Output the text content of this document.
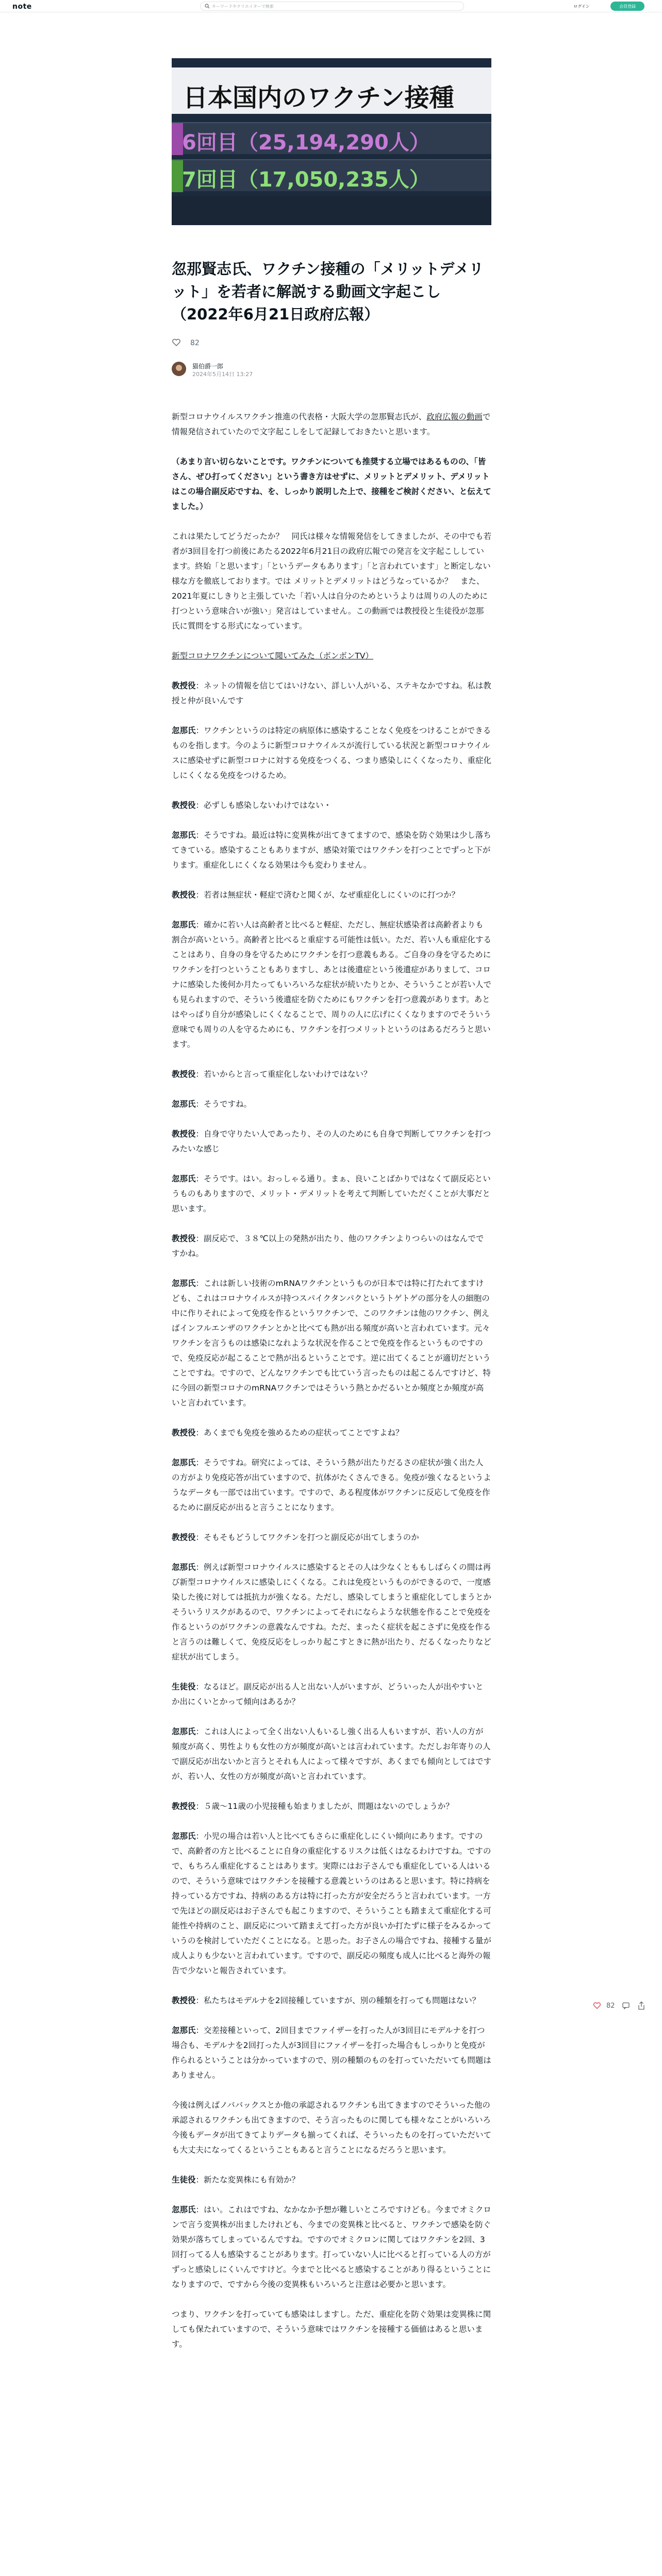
note
キーワードやクリエイターで検索	ログイン	会員登録
日本国内のワクチン接種
6回目（25,194,290人）
7回目（17,050,235人）
忽那賢志氏、ワクチン接種の「メリットデメリット」を若者に解説する動画文字起こし（2022年6月21日政府広報）
82
猫伯爵一郎
2024年5月14日 13:27

新型コロナウイルスワクチン推進の代表格・大阪大学の忽那賢志氏が、政府広報の動画で情報発信されていたので文字起こしをして記録しておきたいと思います。

（あまり言い切らないことです。ワクチンについても推奨する立場ではあるものの、「皆さん、ぜひ打ってください」という書き方はせずに、メリットとデメリット、デメリットはこの場合副反応ですね、を、しっかり説明した上で、接種をご検討ください、と伝えてました。）

これは果たしてどうだったか？　同氏は様々な情報発信をしてきましたが、その中でも若者が3回目を打つ前後にあたる2022年6月21日の政府広報での発言を文字起こししています。終始「と思います」「というデータもあります」「と言われています」と断定しない様な方を徹底しております。では メリットとデメリットはどうなっているか？　また、2021年夏にしきりと主張していた「若い人は自分のためというよりは周りの人のために打つという意味合いが強い」発言はしていません。この動画では教授役と生徒役が忽那氏に質問をする形式になっています。

新型コロナワクチンについて聞いてみた（ボンボンTV）

教授役：ネットの情報を信じてはいけない、詳しい人がいる、ステキなかですね。私は教授と仲が良いんです

忽那氏：ワクチンというのは特定の病原体に感染することなく免疫をつけることができるものを指します。今のように新型コロナウイルスが流行している状況と新型コロナウイルスに感染せずに新型コロナに対する免疫をつくる、つまり感染しにくくなったり、重症化しにくくなる免疫をつけるため。

教授役：必ずしも感染しないわけではない・

忽那氏：そうですね。最近は特に変異株が出てきてますので、感染を防ぐ効果は少し落ちてきている。感染することもありますが、感染対策ではワクチンを打つことでずっと下がります。重症化しにくくなる効果は今も変わりません。

教授役：若者は無症状・軽症で済むと聞くが、なぜ重症化しにくいのに打つか？

忽那氏：確かに若い人は高齢者と比べると軽症、ただし、無症状感染者は高齢者よりも割合が高いという。高齢者と比べると重症する可能性は低い。ただ、若い人も重症化することはあり、自身の身を守るためにワクチンを打つ意義もある。ご自身の身を守るためにワクチンを打つということもありますし、あとは後遺症という後遺症がありまして、コロナに感染した後何か月たってもいろいろな症状が続いたりとか、そういうことが若い人でも見られますので、そういう後遺症を防ぐためにもワクチンを打つ意義があります。あとはやっぱり自分が感染しにくくなることで、周りの人に広げにくくなりますのでそういう意味でも周りの人を守るためにも、ワクチンを打つメリットというのはあるだろうと思います。

教授役：若いからと言って重症化しないわけではない？

忽那氏：そうですね。

教授役：自身で守りたい人であったり、その人のためにも自身で判断してワクチンを打つみたいな感じ

忽那氏：そうです。はい。おっしゃる通り。まぁ、良いことばかりではなくて副反応というものもありますので、メリット・デメリットを考えて判断していただくことが大事だと思います。

教授役：副反応で、３８℃以上の発熱が出たり、他のワクチンよりつらいのはなんでですかね。

忽那氏：これは新しい技術のmRNAワクチンというものが日本では特に打たれてますけども、これはコロナウイルスが持つスパイクタンパクというトゲトゲの部分を人の細胞の中に作りそれによって免疫を作るというワクチンで、このワクチンは他のワクチン、例えばインフルエンザのワクチンとかと比べても熱が出る頻度が高いと言われています。元々ワクチンを言うものは感染になれような状況を作ることで免疫を作るというものですので、免疫反応が起こることで熱が出るということです。逆に出てくることが適切だということですね。ですので、どんなワクチンでも比ていう言ったものは起こるんですけど、特に今回の新型コロナのmRNAワクチンではそういう熱とかだるいとか頻度とか頻度が高いと言われています。

教授役：あくまでも免疫を強めるための症状ってことですよね？

忽那氏：そうですね。研究によっては、そういう熱が出たりだるさの症状が強く出た人の方がより免疫応答が出ていますので、抗体がたくさんできる。免疫が強くなるというようなデータも一部では出ています。ですので、ある程度体がワクチンに反応して免疫を作るために副反応が出ると言うことになります。

教授役：そもそもどうしてワクチンを打つと副反応が出てしまうのか

忽那氏：例えば新型コロナウイルスに感染するとその人は少なくとももしばらくの間は再び新型コロナウイルスに感染しにくくなる。これは免疫というものができるので、一度感染した後に対しては抵抗力が強くなる。ただし、感染してしまうと重症化してしまうとかそういうリスクがあるので、ワクチンによってそれにならような状態を作ることで免疫を作るというのがワクチンの意義なんですね。ただ、まったく症状を起こさずに免疫を作ると言うのは難しくて、免疫反応をしっかり起こすときに熱が出たり、だるくなったりなど症状が出てしまう。

生徒役：なるほど。副反応が出る人と出ない人がいますが、どういった人が出やすいとか出にくいとかって傾向はあるか？

忽那氏：これは人によって全く出ない人もいるし強く出る人もいますが、若い人の方が頻度が高く、男性よりも女性の方が頻度が高いとは言われています。ただしお年寄りの人で副反応が出ないかと言うとそれも人によって様々ですが、あくまでも傾向としてはですが、若い人、女性の方が頻度が高いと言われています。

教授役：５歳〜11歳の小児接種も始まりましたが、問題はないのでしょうか？

忽那氏：小児の場合は若い人と比べてもさらに重症化しにくい傾向にあります。ですので、高齢者の方と比べることに自身の重症化するリスクは低くはなるわけですね。ですので、もちろん重症化することはあります。実際にはお子さんでも重症化している人はいるので、そういう意味ではワクチンを接種する意義というのはあると思います。特に持病を持っている方ですね、持病のある方は特に打った方が安全だろうと言われています。一方で先ほどの副反応はお子さんでも起こりますので、そういうことも踏まえて重症化する可能性や持病のこと、副反応について踏まえて打った方が良いか打たずに様子をみるかっていうのを検討していただくことになる。と思った。お子さんの場合ですね、接種する量が成人よりも少ないと言われています。ですので、副反応の頻度も成人に比べると海外の報告で少ないと報告されています。

教授役：私たちはモデルナを2回接種していますが、別の種類を打っても問題はない？

忽那氏：交差接種といって、2回目までファイザーを打った人が3回目にモデルナを打つ場合も、モデルナを2回打った人が3回目にファイザーを打った場合もしっかりと免疫が作られるということは分かっていますので、別の種類のものを打っていただいても問題はありません。

今後は例えばノババックスとか他の承認されるワクチンも出てきますのでそういった他の承認されるワクチンも出てきますので、そう言ったものに関しても様々なことがいろいろ今後もデータが出てきてよりデータも揃ってくれば、そういったものを打っていただいても大丈夫になってくるということもあると言うことになるだろうと思います。

生徒役：新たな変異株にも有効か？

忽那氏：はい。これはですね、なかなか予想が難しいところですけども。今までオミクロンで言う変異株が出ましたけれども、今までの変異株と比べると、ワクチンで感染を防ぐ効果が落ちてしまっているんですね。ですのでオミクロンに関してはワクチンを2回、3回打ってる人も感染することがあります。打っていない人に比べると打っている人の方がずっと感染しにくいんですけど。今までと比べると感染することがあり得るということになりますので、ですから今後の変異株もいろいろと注意は必要かと思います。

つまり、ワクチンを打っていても感染はしますし。ただ、重症化を防ぐ効果は変異株に関しても保たれていますので、そういう意味ではワクチンを接種する価値はあると思います。

82
